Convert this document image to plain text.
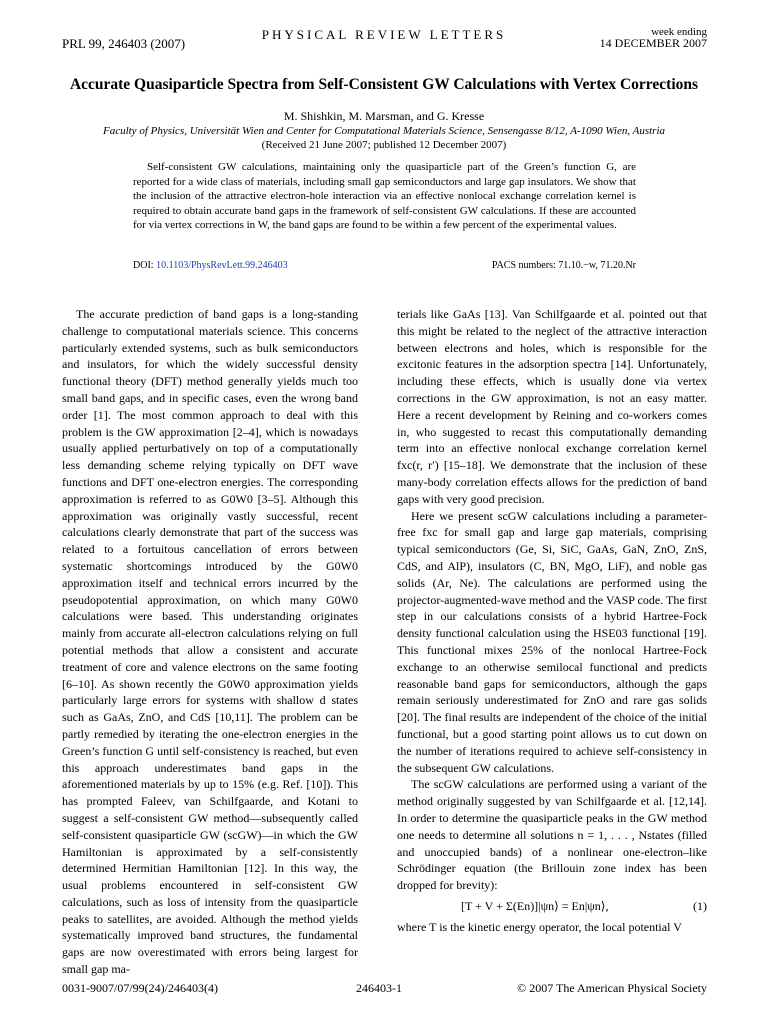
PRL 99, 246403 (2007)
PHYSICAL REVIEW LETTERS	week ending
14 DECEMBER 2007
Accurate Quasiparticle Spectra from Self-Consistent GW Calculations with Vertex Corrections
M. Shishkin, M. Marsman, and G. Kresse
Faculty of Physics, Universität Wien and Center for Computational Materials Science, Sensengasse 8/12, A-1090 Wien, Austria
(Received 21 June 2007; published 12 December 2007)
Self-consistent GW calculations, maintaining only the quasiparticle part of the Green’s function G, are reported for a wide class of materials, including small gap semiconductors and large gap insulators. We show that the inclusion of the attractive electron-hole interaction via an effective nonlocal exchange correlation kernel is required to obtain accurate band gaps in the framework of self-consistent GW calculations. If these are accounted for via vertex corrections in W, the band gaps are found to be within a few percent of the experimental values.
DOI: 10.1103/PhysRevLett.99.246403	PACS numbers: 71.10.−w, 71.20.Nr

The accurate prediction of band gaps is a long-standing challenge to computational materials science. This concerns particularly extended systems, such as bulk semiconductors and insulators, for which the widely successful density functional theory (DFT) method generally yields much too small band gaps, and in specific cases, even the wrong band order [1]. The most common approach to deal with this problem is the GW approximation [2–4], which is nowadays usually applied perturbatively on top of a computationally less demanding scheme relying typically on DFT wave functions and DFT one-electron energies. The corresponding approximation is referred to as G0W0 [3–5]. Although this approximation was originally vastly successful, recent calculations clearly demonstrate that part of the success was related to a fortuitous cancellation of errors between systematic shortcomings introduced by the G0W0 approximation itself and technical errors incurred by the pseudopotential approximation, on which many G0W0 calculations were based. This understanding originates mainly from accurate all-electron calculations relying on full potential methods that allow a consistent and accurate treatment of core and valence electrons on the same footing [6–10]. As shown recently the G0W0 approximation yields particularly large errors for systems with shallow d states such as GaAs, ZnO, and CdS [10,11]. The problem can be partly remedied by iterating the one-electron energies in the Green’s function G until self-consistency is reached, but even this approach underestimates band gaps in the aforementioned materials by up to 15% (e.g. Ref. [10]). This has prompted Faleev, van Schilfgaarde, and Kotani to suggest a self-consistent GW method—subsequently called self-consistent quasiparticle GW (scGW)—in which the GW Hamiltonian is approximated by a self-consistently determined Hermitian Hamiltonian [12]. In this way, the usual problems encountered in self-consistent GW calculations, such as loss of intensity from the quasiparticle peaks to satellites, are avoided. Although the method yields systematically improved band structures, the fundamental gaps are now overestimated with errors being largest for small gap ma-

terials like GaAs [13]. Van Schilfgaarde et al. pointed out that this might be related to the neglect of the attractive interaction between electrons and holes, which is responsible for the excitonic features in the adsorption spectra [14]. Unfortunately, including these effects, which is usually done via vertex corrections in the GW approximation, is not an easy matter. Here a recent development by Reining and co-workers comes in, who suggested to recast this computationally demanding term into an effective nonlocal exchange correlation kernel fxc(r, r′) [15–18]. We demonstrate that the inclusion of these many-body correlation effects allows for the prediction of band gaps with very good precision.

Here we present scGW calculations including a parameter-free fxc for small gap and large gap materials, comprising typical semiconductors (Ge, Si, SiC, GaAs, GaN, ZnO, ZnS, CdS, and AlP), insulators (C, BN, MgO, LiF), and noble gas solids (Ar, Ne). The calculations are performed using the projector-augmented-wave method and the VASP code. The first step in our calculations consists of a hybrid Hartree-Fock density functional calculation using the HSE03 functional [19]. This functional mixes 25% of the nonlocal Hartree-Fock exchange to an otherwise semilocal functional and predicts reasonable band gaps for semiconductors, although the gaps remain seriously underestimated for ZnO and rare gas solids [20]. The final results are independent of the choice of the initial functional, but a good starting point allows us to cut down on the number of iterations required to achieve self-consistency in the subsequent GW calculations.

The scGW calculations are performed using a variant of the method originally suggested by van Schilfgaarde et al. [12,14]. In order to determine the quasiparticle peaks in the GW method one needs to determine all solutions n = 1, . . . , Nstates (filled and unoccupied bands) of a nonlinear one-electron–like Schrödinger equation (the Brillouin zone index has been dropped for brevity):

[T + V + Σ(En)]|ψn⟩ = En|ψn⟩,	(1)

where T is the kinetic energy operator, the local potential V

0031-9007/07/99(24)/246403(4)	246403-1	© 2007 The American Physical Society
